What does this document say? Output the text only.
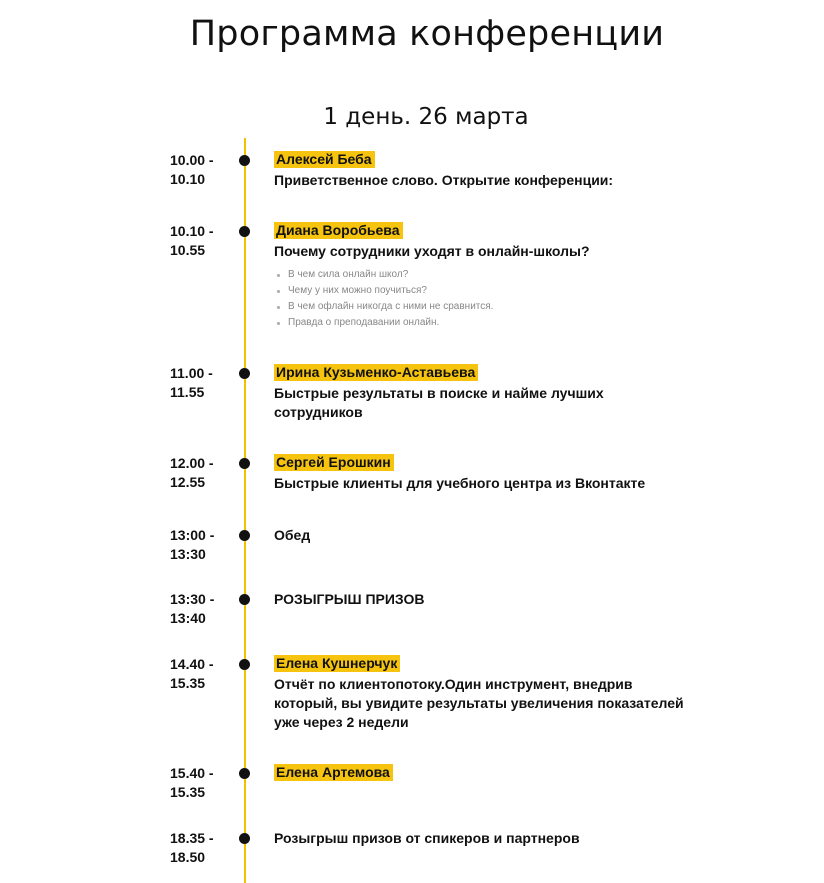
Программа конференции
1 день. 26 марта
10.00 -
10.10
Алексей Беба
Приветственное слово. Открытие конференции:
10.10 -
10.55
Диана Воробьева
Почему сотрудники уходят в онлайн-школы?
В чем сила онлайн школ?
Чему у них можно поучиться?
В чем офлайн никогда с ними не сравнится.
Правда о преподавании онлайн.
11.00 -
11.55
Ирина Кузьменко-Аставьева
Быстрые результаты в поиске и найме лучших сотрудников
12.00 -
12.55
Сергей Ерошкин
Быстрые клиенты для учебного центра из Вконтакте
13:00 -
13:30
Обед
13:30 -
13:40
РОЗЫГРЫШ ПРИЗОВ
14.40 -
15.35
Елена Кушнерчук
Отчёт по клиентопотоку.Один инструмент, внедрив который, вы увидите результаты увеличения показателей уже через 2 недели
15.40 -
15.35
Елена Артемова
18.35 -
18.50
Розыгрыш призов от спикеров и партнеров
